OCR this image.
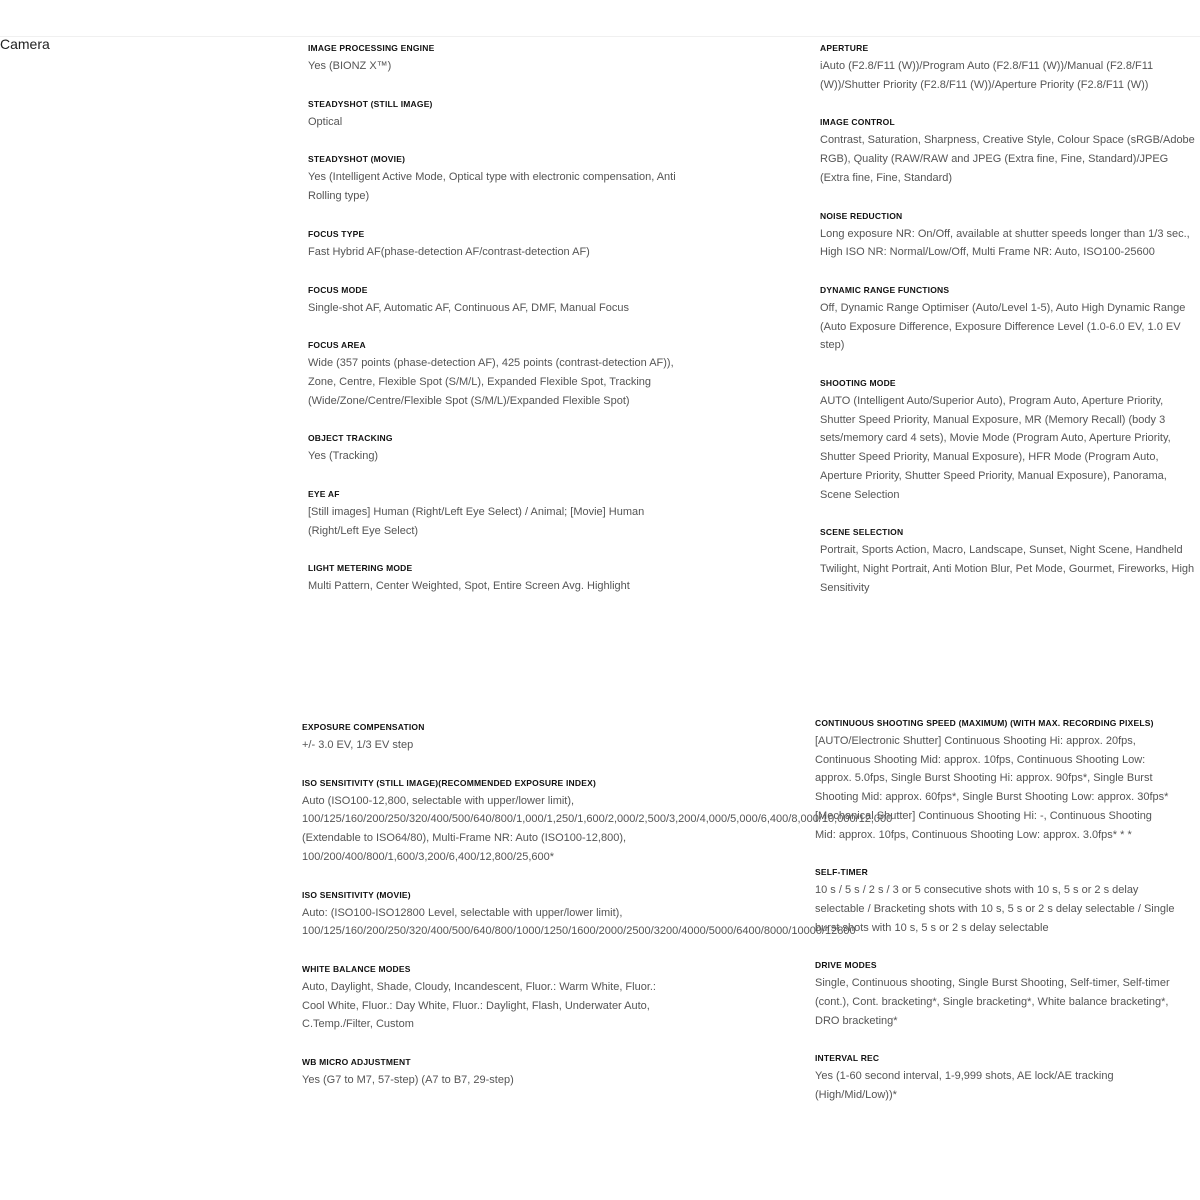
Camera	IMAGE PROCESSING ENGINE
Yes (BIONZ X™)
STEADYSHOT (STILL IMAGE)
Optical
STEADYSHOT (MOVIE)
Yes (Intelligent Active Mode, Optical type with electronic compensation, Anti Rolling type)
FOCUS TYPE
Fast Hybrid AF(phase-detection AF/contrast-detection AF)
FOCUS MODE
Single-shot AF, Automatic AF, Continuous AF, DMF, Manual Focus
FOCUS AREA
Wide (357 points (phase-detection AF), 425 points (contrast-detection AF)), Zone, Centre, Flexible Spot (S/M/L), Expanded Flexible Spot, Tracking (Wide/Zone/Centre/Flexible Spot (S/M/L)/Expanded Flexible Spot)
OBJECT TRACKING
Yes (Tracking)
EYE AF
[Still images] Human (Right/Left Eye Select) / Animal; [Movie] Human (Right/Left Eye Select)
LIGHT METERING MODE
Multi Pattern, Center Weighted, Spot, Entire Screen Avg. Highlight
APERTURE
iAuto (F2.8/F11 (W))/Program Auto (F2.8/F11 (W))/Manual (F2.8/F11 (W))/Shutter Priority (F2.8/F11 (W))/Aperture Priority (F2.8/F11 (W))
IMAGE CONTROL
Contrast, Saturation, Sharpness, Creative Style, Colour Space (sRGB/Adobe RGB), Quality (RAW/RAW and JPEG (Extra fine, Fine, Standard)/JPEG (Extra fine, Fine, Standard)
NOISE REDUCTION
Long exposure NR: On/Off, available at shutter speeds longer than 1/3 sec., High ISO NR: Normal/Low/Off, Multi Frame NR: Auto, ISO100-25600
DYNAMIC RANGE FUNCTIONS
Off, Dynamic Range Optimiser (Auto/Level 1-5), Auto High Dynamic Range (Auto Exposure Difference, Exposure Difference Level (1.0-6.0 EV, 1.0 EV step)
SHOOTING MODE
AUTO (Intelligent Auto/Superior Auto), Program Auto, Aperture Priority, Shutter Speed Priority, Manual Exposure, MR (Memory Recall) (body 3 sets/memory card 4 sets), Movie Mode (Program Auto, Aperture Priority, Shutter Speed Priority, Manual Exposure), HFR Mode (Program Auto, Aperture Priority, Shutter Speed Priority, Manual Exposure), Panorama, Scene Selection
SCENE SELECTION
Portrait, Sports Action, Macro, Landscape, Sunset, Night Scene, Handheld Twilight, Night Portrait, Anti Motion Blur, Pet Mode, Gourmet, Fireworks, High Sensitivity
EXPOSURE COMPENSATION
+/- 3.0 EV, 1/3 EV step
ISO SENSITIVITY (STILL IMAGE)(RECOMMENDED EXPOSURE INDEX)
Auto (ISO100-12,800, selectable with upper/lower limit), 100/125/160/200/250/320/400/500/640/800/1,000/1,250/1,600/2,000/2,500/3,200/4,000/5,000/6,400/8,000/10,000/12,000 (Extendable to ISO64/80), Multi-Frame NR: Auto (ISO100-12,800), 100/200/400/800/1,600/3,200/6,400/12,800/25,600*
ISO SENSITIVITY (MOVIE)
Auto: (ISO100-ISO12800 Level, selectable with upper/lower limit), 100/125/160/200/250/320/400/500/640/800/1000/1250/1600/2000/2500/3200/4000/5000/6400/8000/10000/12800
WHITE BALANCE MODES
Auto, Daylight, Shade, Cloudy, Incandescent, Fluor.: Warm White, Fluor.: Cool White, Fluor.: Day White, Fluor.: Daylight, Flash, Underwater Auto, C.Temp./Filter, Custom
WB MICRO ADJUSTMENT
Yes (G7 to M7, 57-step) (A7 to B7, 29-step)
CONTINUOUS SHOOTING SPEED (MAXIMUM) (WITH MAX. RECORDING PIXELS)
[AUTO/Electronic Shutter] Continuous Shooting Hi: approx. 20fps, Continuous Shooting Mid: approx. 10fps, Continuous Shooting Low: approx. 5.0fps, Single Burst Shooting Hi: approx. 90fps*, Single Burst Shooting Mid: approx. 60fps*, Single Burst Shooting Low: approx. 30fps* [Mechanical Shutter] Continuous Shooting Hi: -, Continuous Shooting Mid: approx. 10fps, Continuous Shooting Low: approx. 3.0fps* * *
SELF-TIMER
10 s / 5 s / 2 s / 3 or 5 consecutive shots with 10 s, 5 s or 2 s delay selectable / Bracketing shots with 10 s, 5 s or 2 s delay selectable / Single burst shots with 10 s, 5 s or 2 s delay selectable
DRIVE MODES
Single, Continuous shooting, Single Burst Shooting, Self-timer, Self-timer (cont.), Cont. bracketing*, Single bracketing*, White balance bracketing*, DRO bracketing*
INTERVAL REC
Yes (1-60 second interval, 1-9,999 shots, AE lock/AE tracking (High/Mid/Low))*
